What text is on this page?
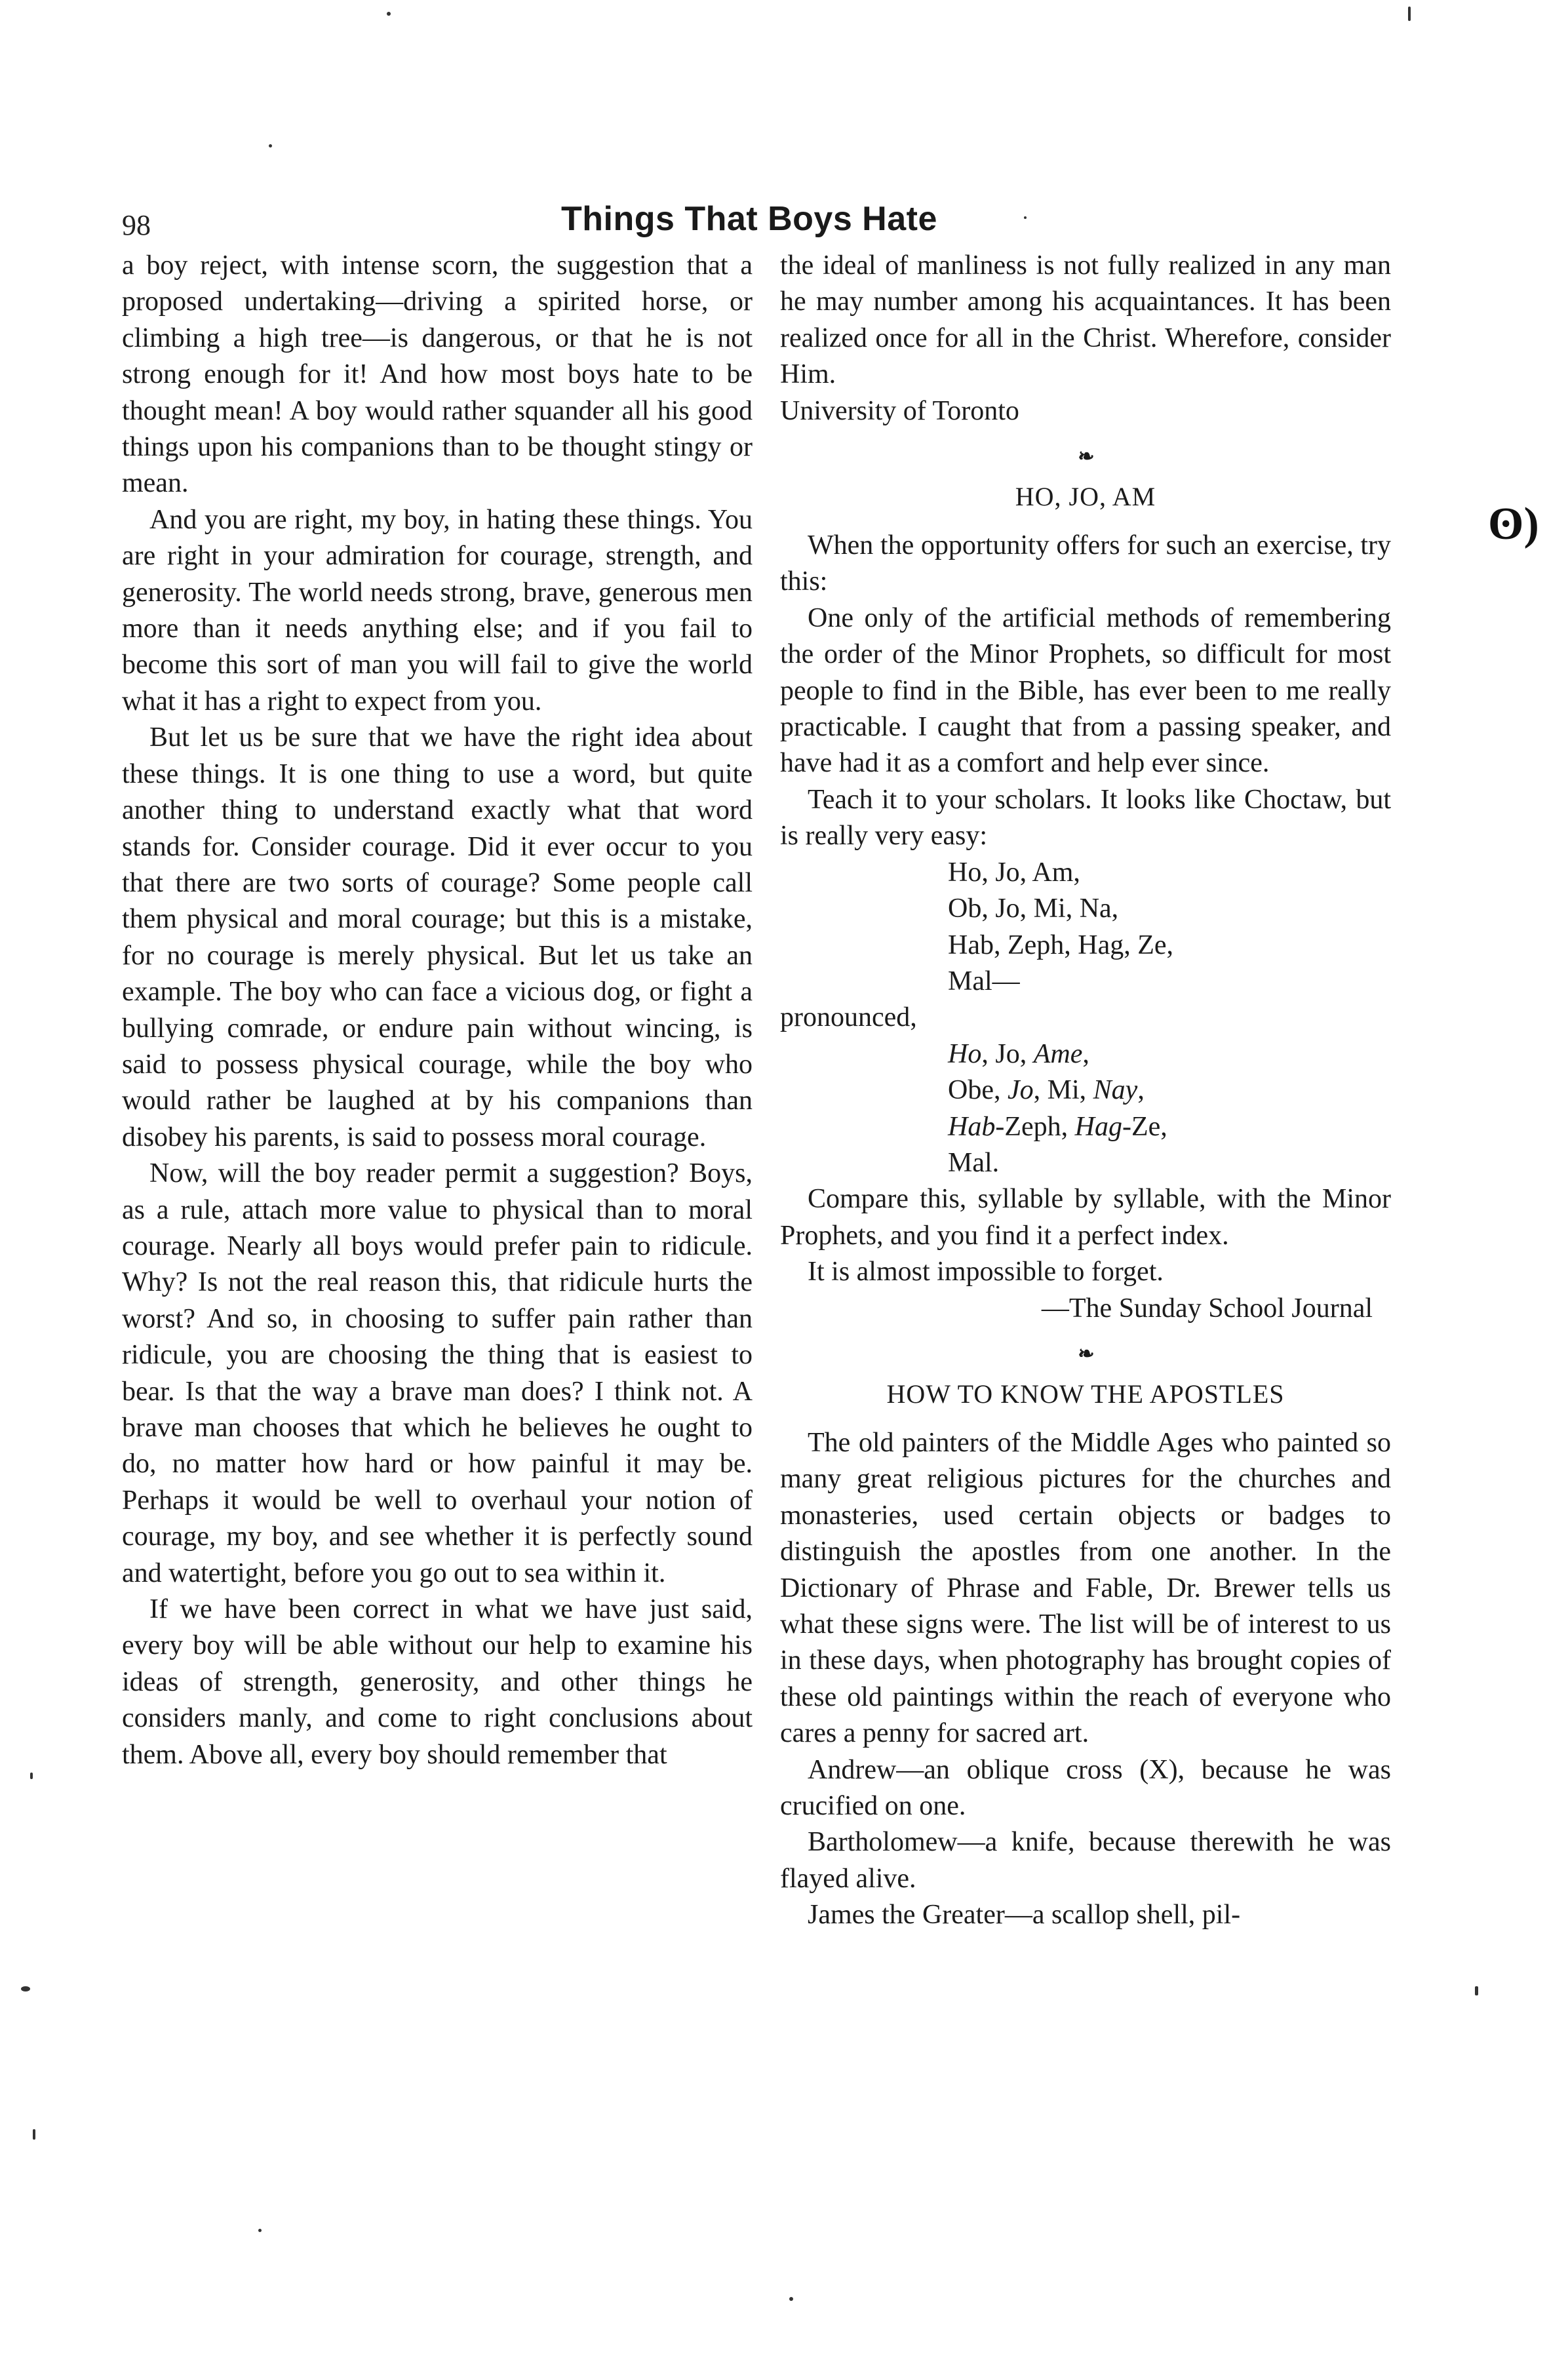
98	Things That Boys Hate

a boy reject, with intense scorn, the suggestion that a proposed undertaking—driving a spirited horse, or climbing a high tree—is dangerous, or that he is not strong enough for it! And how most boys hate to be thought mean! A boy would rather squander all his good things upon his companions than to be thought stingy or mean.

And you are right, my boy, in hating these things. You are right in your admiration for courage, strength, and generosity. The world needs strong, brave, generous men more than it needs anything else; and if you fail to become this sort of man you will fail to give the world what it has a right to expect from you.

But let us be sure that we have the right idea about these things. It is one thing to use a word, but quite another thing to understand exactly what that word stands for. Consider courage. Did it ever occur to you that there are two sorts of courage? Some people call them physical and moral courage; but this is a mistake, for no courage is merely physical. But let us take an example. The boy who can face a vicious dog, or fight a bullying comrade, or endure pain without wincing, is said to possess physical courage, while the boy who would rather be laughed at by his companions than disobey his parents, is said to possess moral courage.

Now, will the boy reader permit a suggestion? Boys, as a rule, attach more value to physical than to moral courage. Nearly all boys would prefer pain to ridicule. Why? Is not the real reason this, that ridicule hurts the worst? And so, in choosing to suffer pain rather than ridicule, you are choosing the thing that is easiest to bear. Is that the way a brave man does? I think not. A brave man chooses that which he believes he ought to do, no matter how hard or how painful it may be. Perhaps it would be well to overhaul your notion of courage, my boy, and see whether it is perfectly sound and watertight, before you go out to sea within it.

If we have been correct in what we have just said, every boy will be able without our help to examine his ideas of strength, generosity, and other things he considers manly, and come to right conclusions about them. Above all, every boy should remember that

the ideal of manliness is not fully realized in any man he may number among his acquaintances. It has been realized once for all in the Christ. Wherefore, consider Him.

University of Toronto

❧
HO, JO, AM

When the opportunity offers for such an exercise, try this:

One only of the artificial methods of remembering the order of the Minor Prophets, so difficult for most people to find in the Bible, has ever been to me really practicable. I caught that from a passing speaker, and have had it as a comfort and help ever since.

Teach it to your scholars. It looks like Choctaw, but is really very easy:

Ho, Jo, Am,
Ob, Jo, Mi, Na,
Hab, Zeph, Hag, Ze,
Mal—

pronounced,

Ho, Jo, Ame,
Obe, Jo, Mi, Nay,
Hab-Zeph, Hag-Ze,
Mal.

Compare this, syllable by syllable, with the Minor Prophets, and you find it a perfect index.

It is almost impossible to forget.

—The Sunday School Journal
❧
HOW TO KNOW THE APOSTLES

The old painters of the Middle Ages who painted so many great religious pictures for the churches and monasteries, used certain objects or badges to distinguish the apostles from one another. In the Dictionary of Phrase and Fable, Dr. Brewer tells us what these signs were. The list will be of interest to us in these days, when photography has brought copies of these old paintings within the reach of everyone who cares a penny for sacred art.

Andrew—an oblique cross (X), because he was crucified on one.

Bartholomew—a knife, because therewith he was flayed alive.

James the Greater—a scallop shell, pil-

ʘ)
